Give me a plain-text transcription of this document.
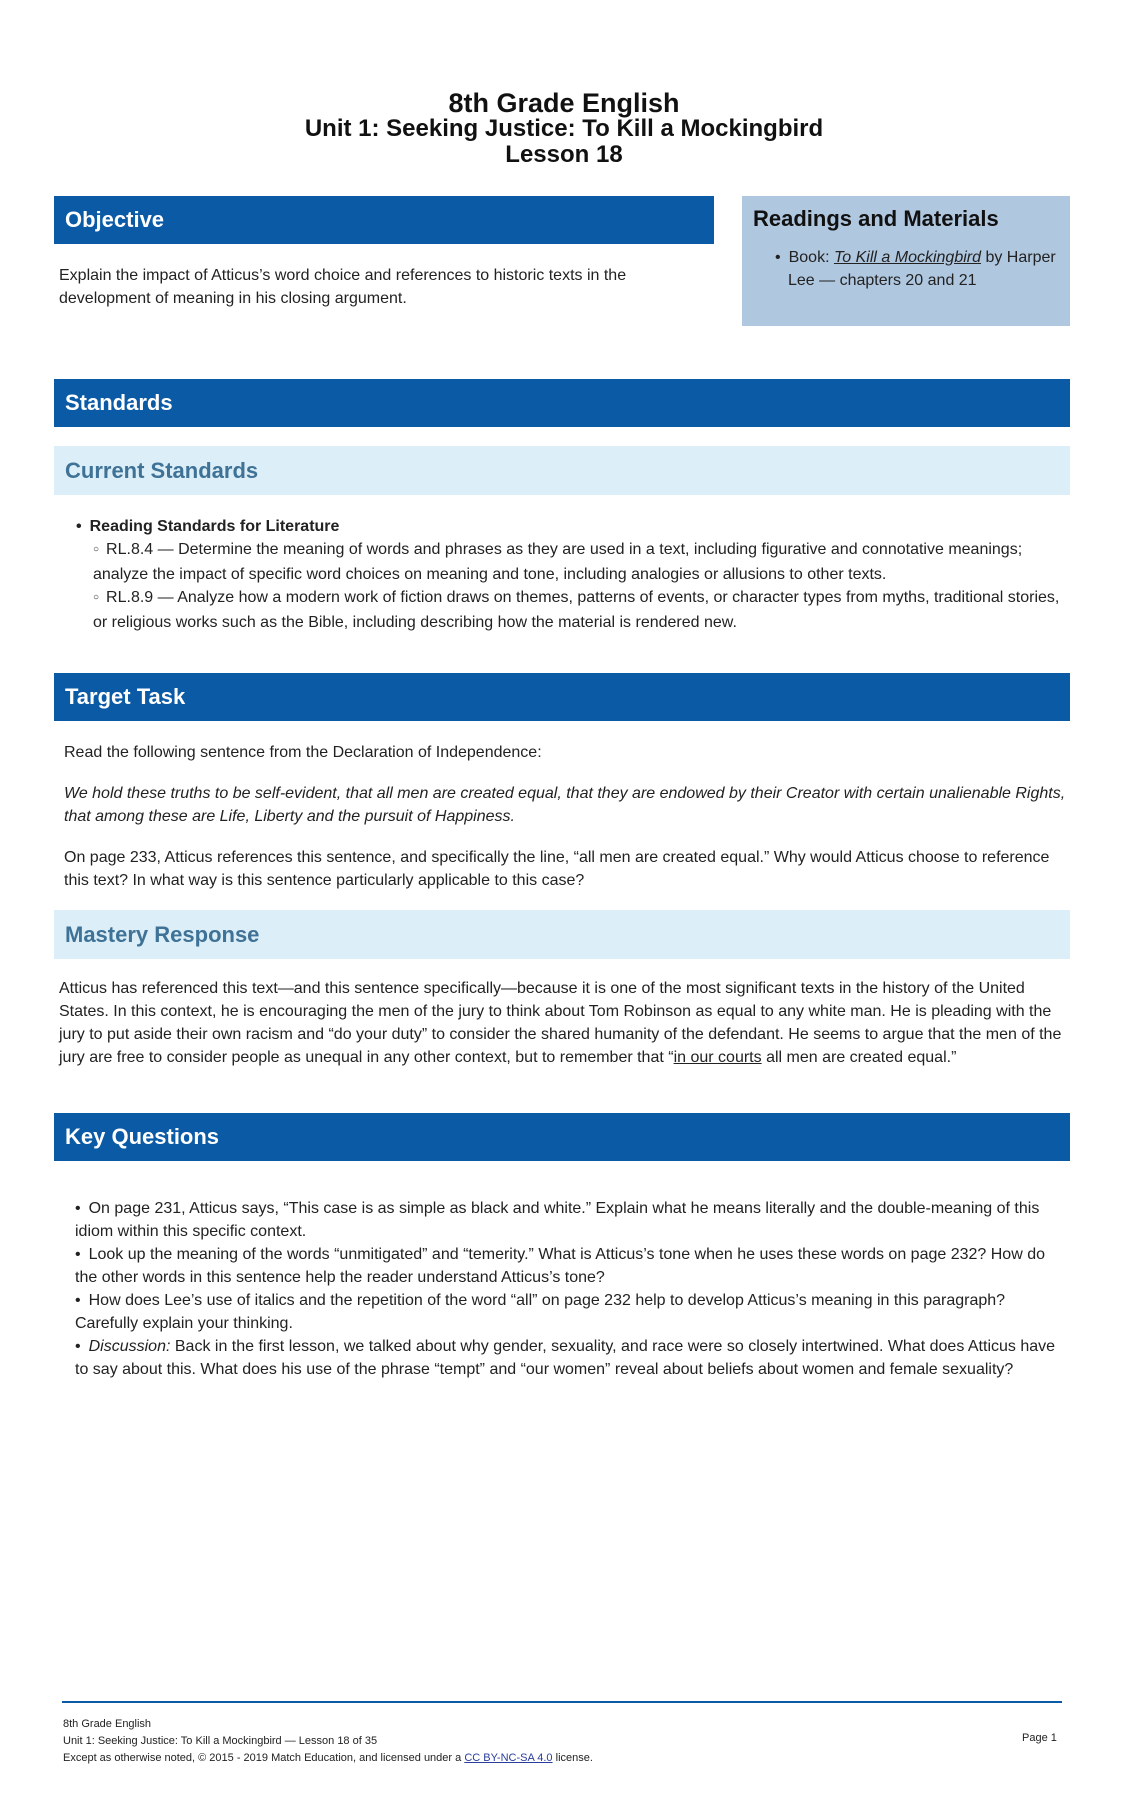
8th Grade English
Unit 1: Seeking Justice: To Kill a Mockingbird
Lesson 18
Objective
Explain the impact of Atticus’s word choice and references to historic texts in the development of meaning in his closing argument.
Readings and Materials
• Book: To Kill a Mockingbird by Harper Lee — chapters 20 and 21
Standards
Current Standards
• Reading Standards for Literature
○ RL.8.4 — Determine the meaning of words and phrases as they are used in a text, including figurative and connotative meanings; analyze the impact of specific word choices on meaning and tone, including analogies or allusions to other texts.
○ RL.8.9 — Analyze how a modern work of fiction draws on themes, patterns of events, or character types from myths, traditional stories, or religious works such as the Bible, including describing how the material is rendered new.
Target Task
Read the following sentence from the Declaration of Independence:
We hold these truths to be self-evident, that all men are created equal, that they are endowed by their Creator with certain unalienable Rights, that among these are Life, Liberty and the pursuit of Happiness.
On page 233, Atticus references this sentence, and specifically the line, “all men are created equal.” Why would Atticus choose to reference this text? In what way is this sentence particularly applicable to this case?
Mastery Response
Atticus has referenced this text—and this sentence specifically—because it is one of the most significant texts in the history of the United States. In this context, he is encouraging the men of the jury to think about Tom Robinson as equal to any white man. He is pleading with the jury to put aside their own racism and “do your duty” to consider the shared humanity of the defendant. He seems to argue that the men of the jury are free to consider people as unequal in any other context, but to remember that “in our courts all men are created equal.”
Key Questions
• On page 231, Atticus says, “This case is as simple as black and white.” Explain what he means literally and the double-meaning of this idiom within this specific context.
• Look up the meaning of the words “unmitigated” and “temerity.” What is Atticus’s tone when he uses these words on page 232? How do the other words in this sentence help the reader understand Atticus’s tone?
• How does Lee’s use of italics and the repetition of the word “all” on page 232 help to develop Atticus’s meaning in this paragraph? Carefully explain your thinking.
• Discussion: Back in the first lesson, we talked about why gender, sexuality, and race were so closely intertwined. What does Atticus have to say about this. What does his use of the phrase “tempt” and “our women” reveal about beliefs about women and female sexuality?
8th Grade English
Unit 1: Seeking Justice: To Kill a Mockingbird — Lesson 18 of 35
Except as otherwise noted, © 2015 - 2019 Match Education, and licensed under a CC BY-NC-SA 4.0 license.
Page 1
